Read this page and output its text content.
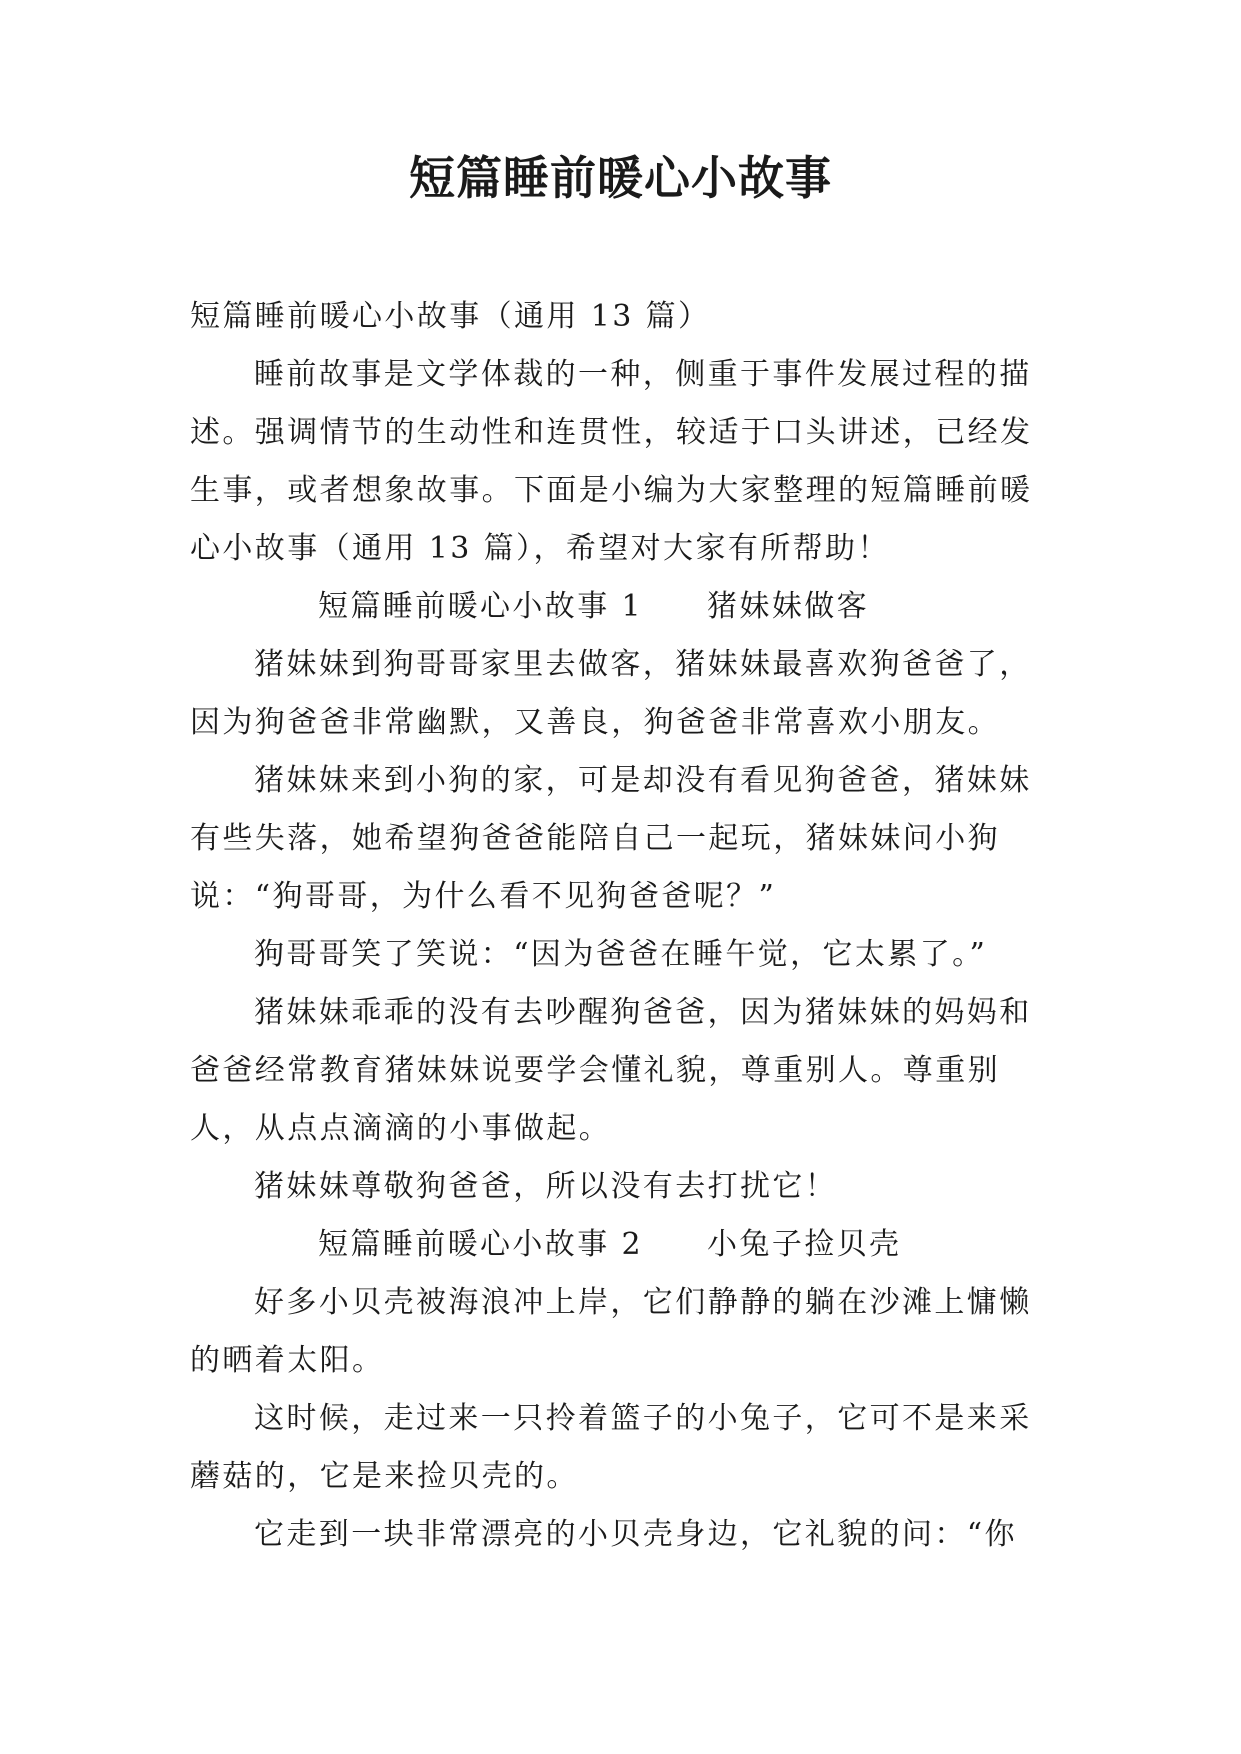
短篇睡前暖心小故事

短篇睡前暖心小故事（通用 13 篇）

睡前故事是文学体裁的一种，侧重于事件发展过程的描述。强调情节的生动性和连贯性，较适于口头讲述，已经发生事，或者想象故事。下面是小编为大家整理的短篇睡前暖心小故事（通用 13 篇），希望对大家有所帮助！

短篇睡前暖心小故事 1 猪妹妹做客

猪妹妹到狗哥哥家里去做客，猪妹妹最喜欢狗爸爸了，因为狗爸爸非常幽默，又善良，狗爸爸非常喜欢小朋友。

猪妹妹来到小狗的家，可是却没有看见狗爸爸，猪妹妹有些失落，她希望狗爸爸能陪自己一起玩，猪妹妹问小狗说：“狗哥哥，为什么看不见狗爸爸呢？”

狗哥哥笑了笑说：“因为爸爸在睡午觉，它太累了。”

猪妹妹乖乖的没有去吵醒狗爸爸，因为猪妹妹的妈妈和爸爸经常教育猪妹妹说要学会懂礼貌，尊重别人。尊重别人，从点点滴滴的小事做起。

猪妹妹尊敬狗爸爸，所以没有去打扰它！

短篇睡前暖心小故事 2 小兔子捡贝壳

好多小贝壳被海浪冲上岸，它们静静的躺在沙滩上慵懒的晒着太阳。

这时候，走过来一只拎着篮子的小兔子，它可不是来采蘑菇的，它是来捡贝壳的。

它走到一块非常漂亮的小贝壳身边，它礼貌的问：“你
